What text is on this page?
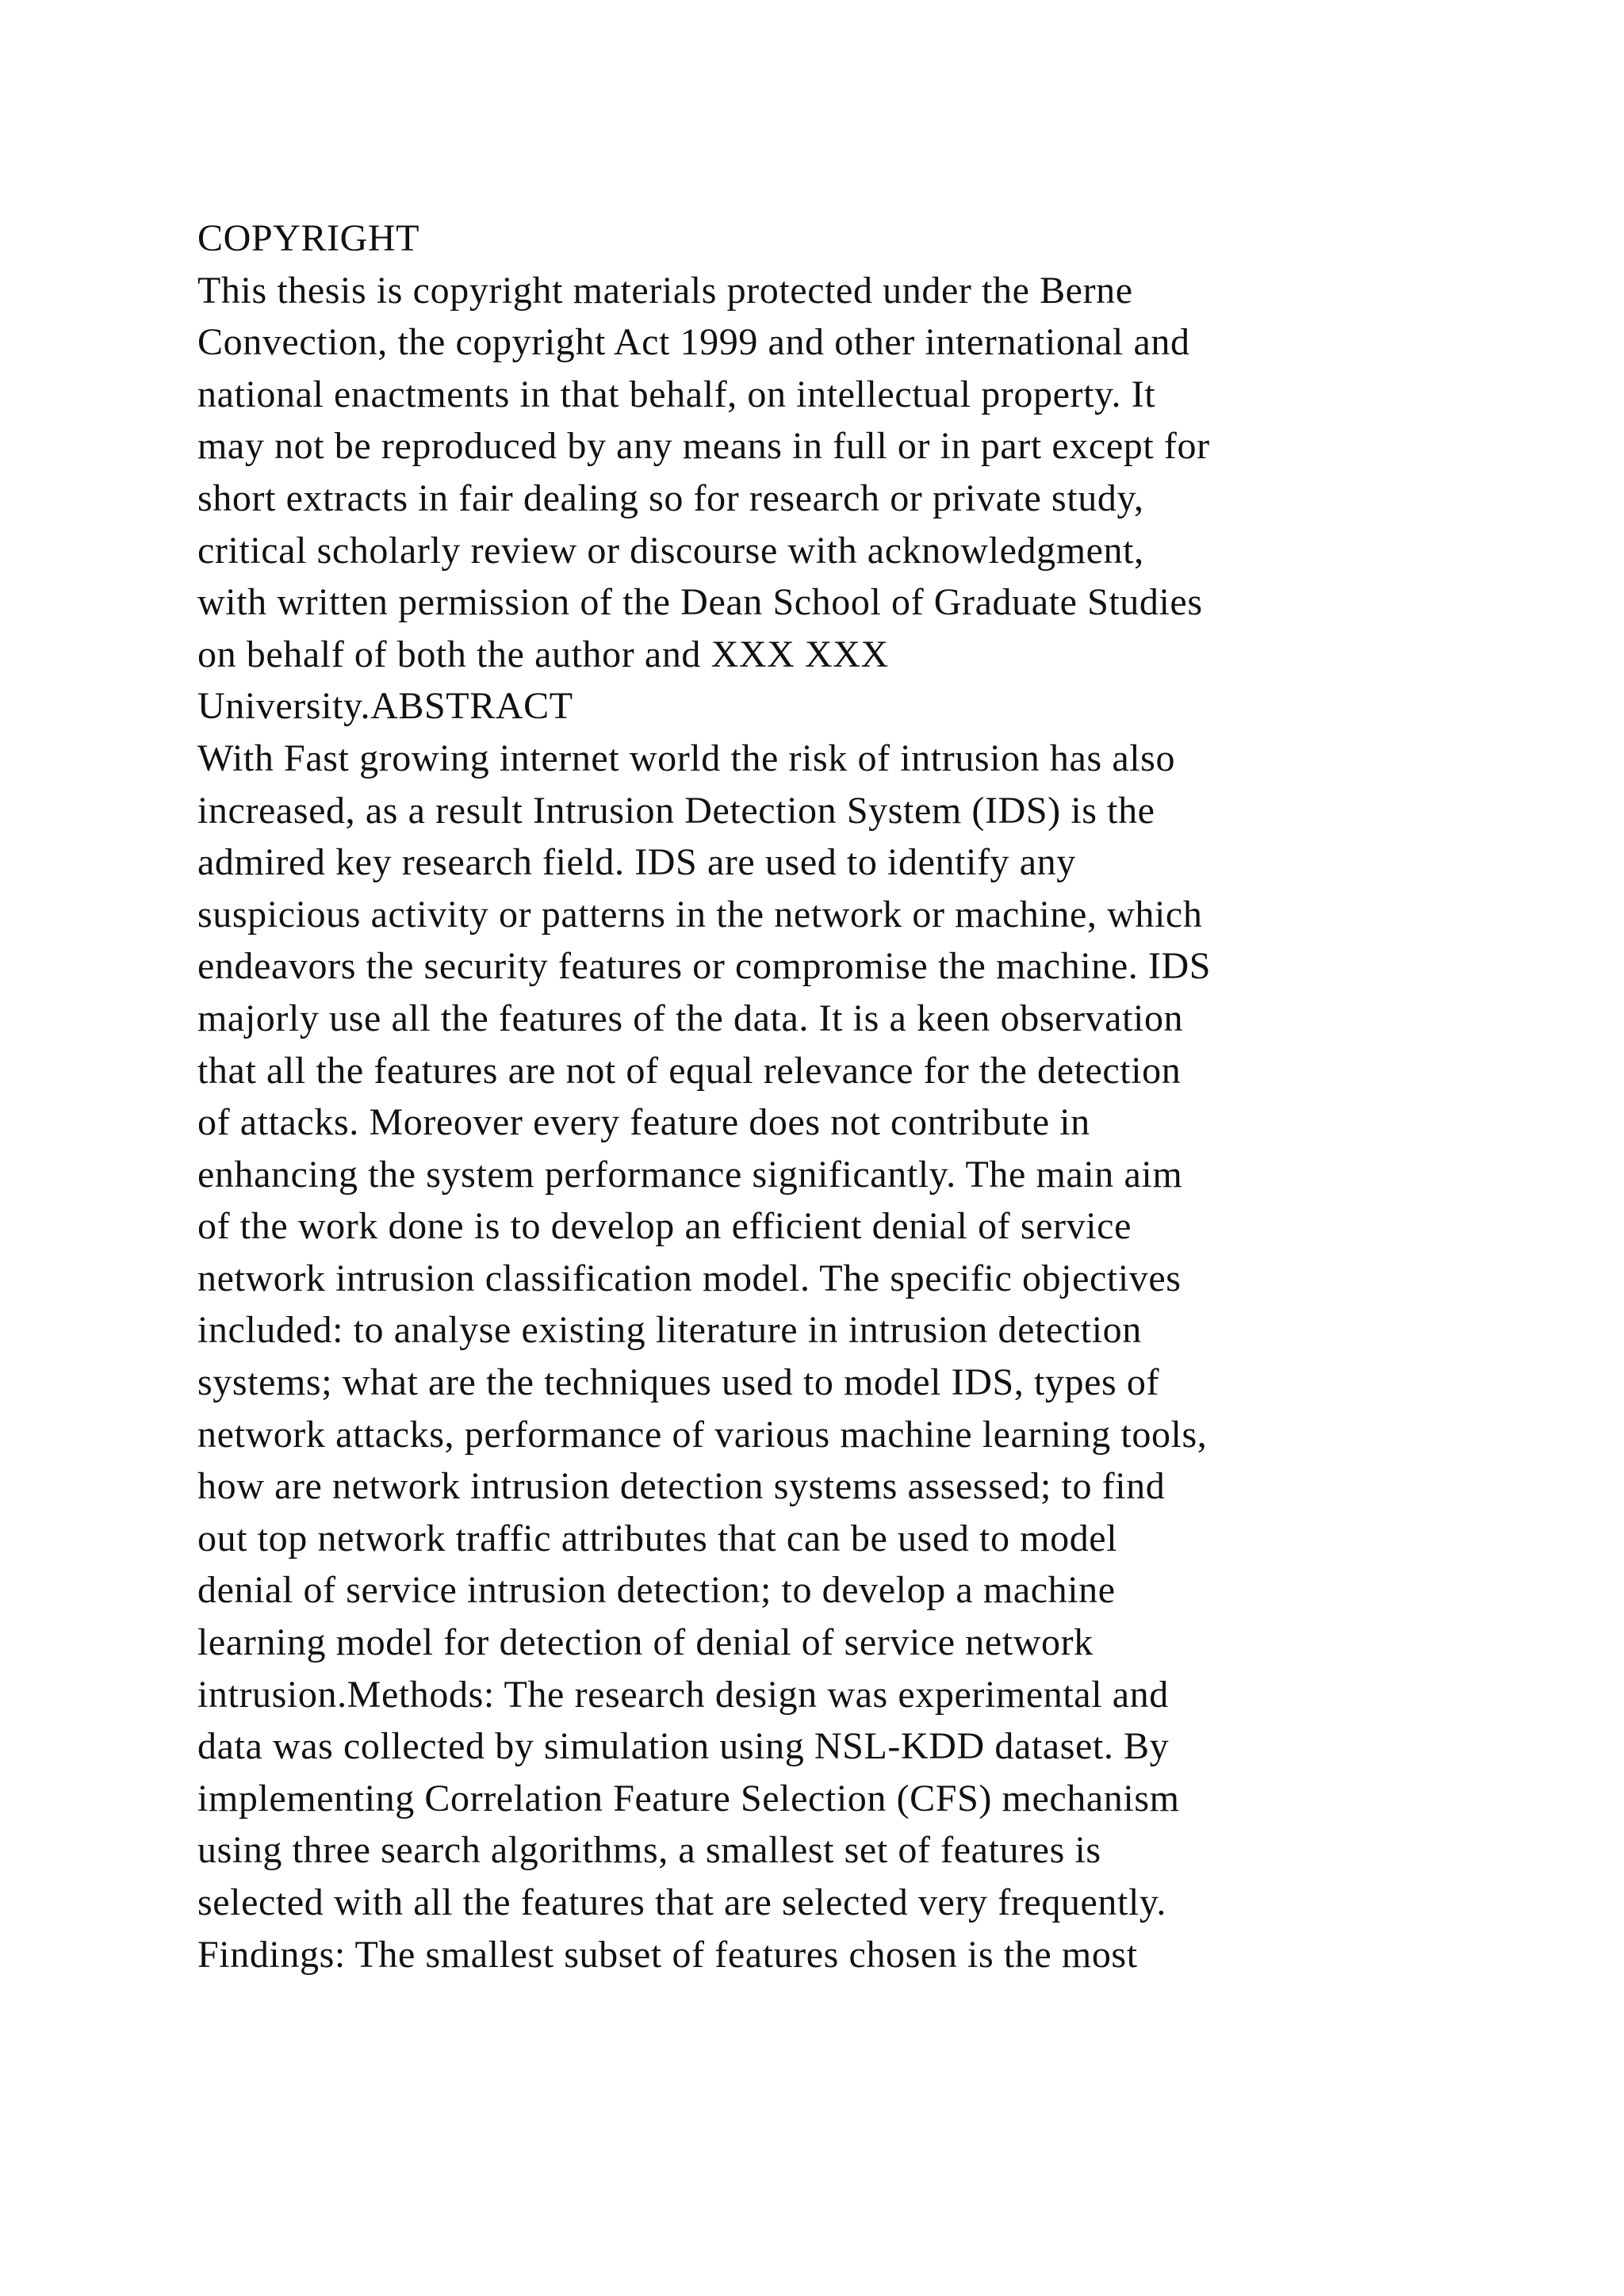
COPYRIGHT
This thesis is copyright materials protected under the Berne
Convection, the copyright Act 1999 and other international and
national enactments in that behalf, on intellectual property. It
may not be reproduced by any means in full or in part except for
short extracts in fair dealing so for research or private study,
critical scholarly review or discourse with acknowledgment,
with written permission of the Dean School of Graduate Studies
on behalf of both the author and XXX XXX
University.ABSTRACT
With Fast growing internet world the risk of intrusion has also
increased, as a result Intrusion Detection System (IDS) is the
admired key research field. IDS are used to identify any
suspicious activity or patterns in the network or machine, which
endeavors the security features or compromise the machine. IDS
majorly use all the features of the data. It is a keen observation
that all the features are not of equal relevance for the detection
of attacks. Moreover every feature does not contribute in
enhancing the system performance significantly. The main aim
of the work done is to develop an efficient denial of service
network intrusion classification model. The specific objectives
included: to analyse existing literature in intrusion detection
systems; what are the techniques used to model IDS, types of
network attacks, performance of various machine learning tools,
how are network intrusion detection systems assessed; to find
out top network traffic attributes that can be used to model
denial of service intrusion detection; to develop a machine
learning model for detection of denial of service network
intrusion.Methods: The research design was experimental and
data was collected by simulation using NSL-KDD dataset. By
implementing Correlation Feature Selection (CFS) mechanism
using three search algorithms, a smallest set of features is
selected with all the features that are selected very frequently.
Findings: The smallest subset of features chosen is the most
